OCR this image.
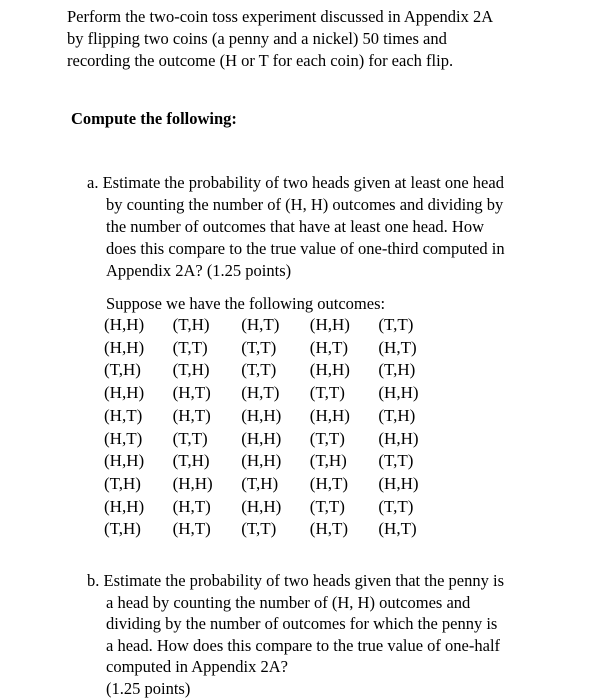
Perform the two-coin toss experiment discussed in Appendix 2A
by flipping two coins (a penny and a nickel) 50 times and
recording the outcome (H or T for each coin) for each flip.
Compute the following:
a. Estimate the probability of two heads given at least one head
by counting the number of (H, H) outcomes and dividing by
the number of outcomes that have at least one head. How
does this compare to the true value of one-third computed in
Appendix 2A? (1.25 points)
Suppose we have the following outcomes:
(H,H)	(T,H)	(H,T)	(H,H)	(T,T)
(H,H)	(T,T)	(T,T)	(H,T)	(H,T)
(T,H)	(T,H)	(T,T)	(H,H)	(T,H)
(H,H)	(H,T)	(H,T)	(T,T)	(H,H)
(H,T)	(H,T)	(H,H)	(H,H)	(T,H)
(H,T)	(T,T)	(H,H)	(T,T)	(H,H)
(H,H)	(T,H)	(H,H)	(T,H)	(T,T)
(T,H)	(H,H)	(T,H)	(H,T)	(H,H)
(H,H)	(H,T)	(H,H)	(T,T)	(T,T)
(T,H)	(H,T)	(T,T)	(H,T)	(H,T)
b. Estimate the probability of two heads given that the penny is
a head by counting the number of (H, H) outcomes and
dividing by the number of outcomes for which the penny is
a head. How does this compare to the true value of one-half
computed in Appendix 2A?
(1.25 points)
